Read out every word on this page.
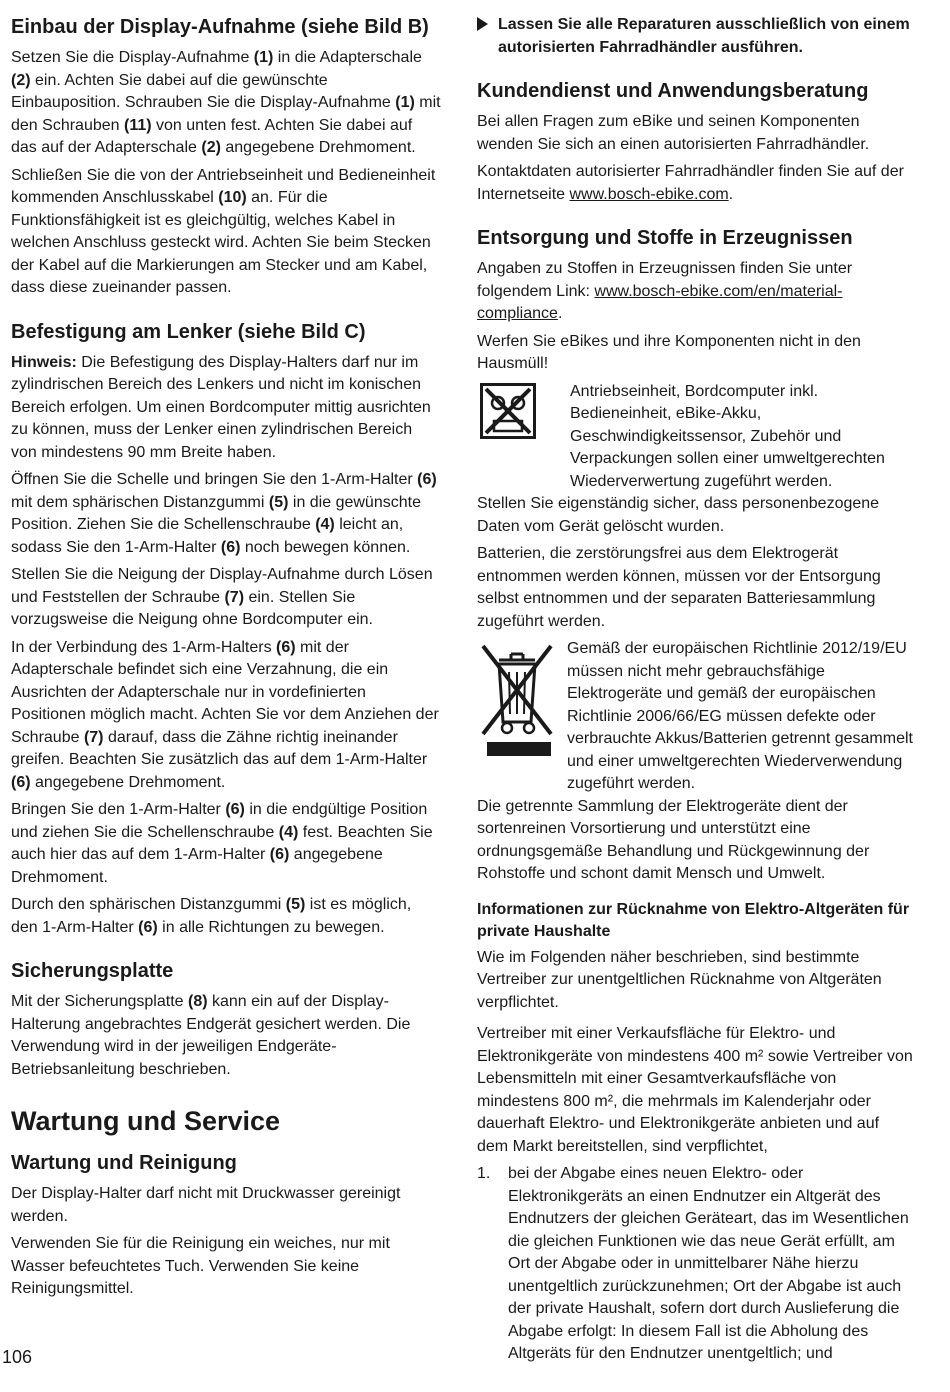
Einbau der Display-Aufnahme (siehe Bild B)

Setzen Sie die Display-Aufnahme (1) in die Adapterschale (2) ein. Achten Sie dabei auf die gewünschte Einbauposition. Schrauben Sie die Display-Aufnahme (1) mit den Schrauben (11) von unten fest. Achten Sie dabei auf das auf der Adapterschale (2) angegebene Drehmoment.

Schließen Sie die von der Antriebseinheit und Bedieneinheit kommenden Anschlusskabel (10) an. Für die Funktionsfähigkeit ist es gleichgültig, welches Kabel in welchen Anschluss gesteckt wird. Achten Sie beim Stecken der Kabel auf die Markierungen am Stecker und am Kabel, dass diese zueinander passen.

Befestigung am Lenker (siehe Bild C)

Hinweis: Die Befestigung des Display-Halters darf nur im zylindrischen Bereich des Lenkers und nicht im konischen Bereich erfolgen. Um einen Bordcomputer mittig ausrichten zu können, muss der Lenker einen zylindrischen Bereich von mindestens 90 mm Breite haben.

Öffnen Sie die Schelle und bringen Sie den 1-Arm-Halter (6) mit dem sphärischen Distanzgummi (5) in die gewünschte Position. Ziehen Sie die Schellenschraube (4) leicht an, sodass Sie den 1-Arm-Halter (6) noch bewegen können.

Stellen Sie die Neigung der Display-Aufnahme durch Lösen und Feststellen der Schraube (7) ein. Stellen Sie vorzugsweise die Neigung ohne Bordcomputer ein.

In der Verbindung des 1-Arm-Halters (6) mit der Adapterschale befindet sich eine Verzahnung, die ein Ausrichten der Adapterschale nur in vordefinierten Positionen möglich macht. Achten Sie vor dem Anziehen der Schraube (7) darauf, dass die Zähne richtig ineinander greifen. Beachten Sie zusätzlich das auf dem 1-Arm-Halter (6) angegebene Drehmoment.

Bringen Sie den 1-Arm-Halter (6) in die endgültige Position und ziehen Sie die Schellenschraube (4) fest. Beachten Sie auch hier das auf dem 1-Arm-Halter (6) angegebene Drehmoment.

Durch den sphärischen Distanzgummi (5) ist es möglich, den 1-Arm-Halter (6) in alle Richtungen zu bewegen.

Sicherungsplatte

Mit der Sicherungsplatte (8) kann ein auf der Display-Halterung angebrachtes Endgerät gesichert werden. Die Verwendung wird in der jeweiligen Endgeräte-Betriebsanleitung beschrieben.

Wartung und Service
Wartung und Reinigung

Der Display-Halter darf nicht mit Druckwasser gereinigt werden.

Verwenden Sie für die Reinigung ein weiches, nur mit Wasser befeuchtetes Tuch. Verwenden Sie keine Reinigungsmittel.

Lassen Sie alle Reparaturen ausschließlich von einem autorisierten Fahrradhändler ausführen.

Kundendienst und Anwendungsberatung

Bei allen Fragen zum eBike und seinen Komponenten wenden Sie sich an einen autorisierten Fahrradhändler.

Kontaktdaten autorisierter Fahrradhändler finden Sie auf der Internetseite www.bosch-ebike.com.

Entsorgung und Stoffe in Erzeugnissen

Angaben zu Stoffen in Erzeugnissen finden Sie unter folgendem Link: www.bosch-ebike.com/en/material-compliance.

Werfen Sie eBikes und ihre Komponenten nicht in den Hausmüll!

Antriebseinheit, Bordcomputer inkl. Bedieneinheit, eBike-Akku, Geschwindigkeitssensor, Zubehör und Verpackungen sollen einer umweltgerechten Wiederverwertung zugeführt werden.

Stellen Sie eigenständig sicher, dass personenbezogene Daten vom Gerät gelöscht wurden.

Batterien, die zerstörungsfrei aus dem Elektrogerät entnommen werden können, müssen vor der Entsorgung selbst entnommen und der separaten Batteriesammlung zugeführt werden.

Gemäß der europäischen Richtlinie 2012/19/EU müssen nicht mehr gebrauchsfähige Elektrogeräte und gemäß der europäischen Richtlinie 2006/66/EG müssen defekte oder verbrauchte Akkus/Batterien getrennt gesammelt und einer umweltgerechten Wiederverwendung zugeführt werden.

Die getrennte Sammlung der Elektrogeräte dient der sortenreinen Vorsortierung und unterstützt eine ordnungsgemäße Behandlung und Rückgewinnung der Rohstoffe und schont damit Mensch und Umwelt.

Informationen zur Rücknahme von Elektro-Altgeräten für private Haushalte

Wie im Folgenden näher beschrieben, sind bestimmte Vertreiber zur unentgeltlichen Rücknahme von Altgeräten verpflichtet.

Vertreiber mit einer Verkaufsfläche für Elektro- und Elektronikgeräte von mindestens 400 m² sowie Vertreiber von Lebensmitteln mit einer Gesamtverkaufsfläche von mindestens 800 m², die mehrmals im Kalenderjahr oder dauerhaft Elektro- und Elektronikgeräte anbieten und auf dem Markt bereitstellen, sind verpflichtet,

1. bei der Abgabe eines neuen Elektro- oder Elektronikgeräts an einen Endnutzer ein Altgerät des Endnutzers der gleichen Geräteart, das im Wesentlichen die gleichen Funktionen wie das neue Gerät erfüllt, am Ort der Abgabe oder in unmittelbarer Nähe hierzu unentgeltlich zurückzunehmen; Ort der Abgabe ist auch der private Haushalt, sofern dort durch Auslieferung die Abgabe erfolgt: In diesem Fall ist die Abholung des Altgeräts für den Endnutzer unentgeltlich; und

106
